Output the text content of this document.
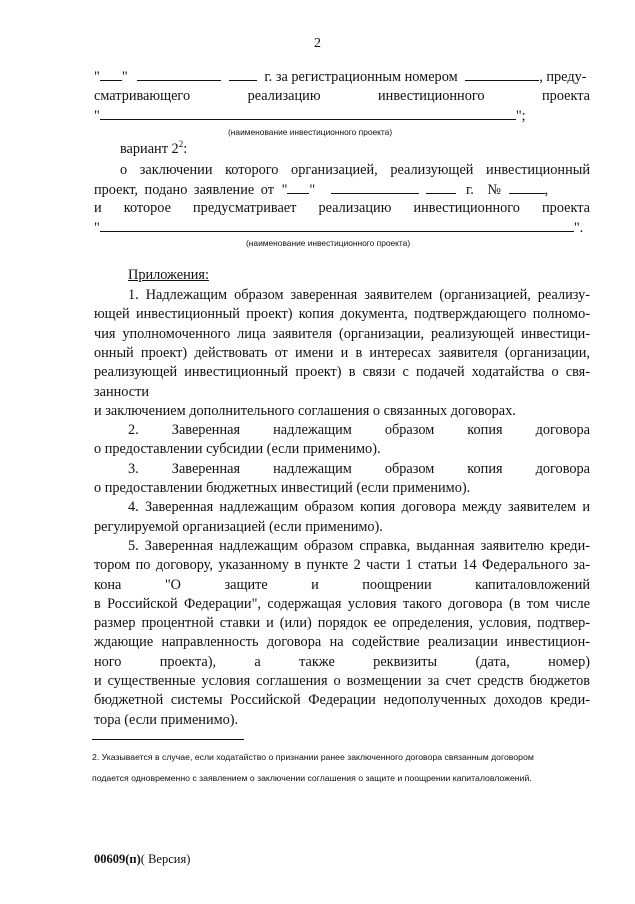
2
" "	г. за регистрационным номером	, преду-
сматривающего	реализацию	инвестиционного	проекта
"	";
(наименование инвестиционного проекта)
вариант $2^2$:
о заключении которого организацией, реализующей инвестиционный
проект, подано заявление от " "	г. №	,
и которое предусматривает реализацию инвестиционного проекта
"	".
(наименование инвестиционного проекта)
Приложения:
1. Надлежащим образом заверенная заявителем (организацией, реализу-
ющей инвестиционный проект) копия документа, подтверждающего полномо-
чия уполномоченного лица заявителя (организации, реализующей инвестици-
онный проект) действовать от имени и в интересах заявителя (организации,
реализующей инвестиционный проект) в связи с подачей ходатайства о свя-
занности
и заключением дополнительного соглашения о связанных договорах.
2. Заверенная надлежащим образом копия договора
о предоставлении субсидии (если применимо).
3. Заверенная надлежащим образом копия договора
о предоставлении бюджетных инвестиций (если применимо).
4. Заверенная надлежащим образом копия договора между заявителем и
регулируемой организацией (если применимо).
5. Заверенная надлежащим образом справка, выданная заявителю креди-
тором по договору, указанному в пункте 2 части 1 статьи 14 Федерального за-
кона "О защите и поощрении капиталовложений
в Российской Федерации", содержащая условия такого договора (в том числе
размер процентной ставки и (или) порядок ее определения, условия, подтвер-
ждающие направленность договора на содействие реализации инвестицион-
ного проекта), а также реквизиты (дата, номер)
и существенные условия соглашения о возмещении за счет средств бюджетов
бюджетной системы Российской Федерации недополученных доходов креди-
тора (если применимо).
2. Указывается в случае, если ходатайство о признании ранее заключенного договора связанным договором
подается одновременно с заявлением о заключении соглашения о защите и поощрении капиталовложений.
00609(п)( Версия)
